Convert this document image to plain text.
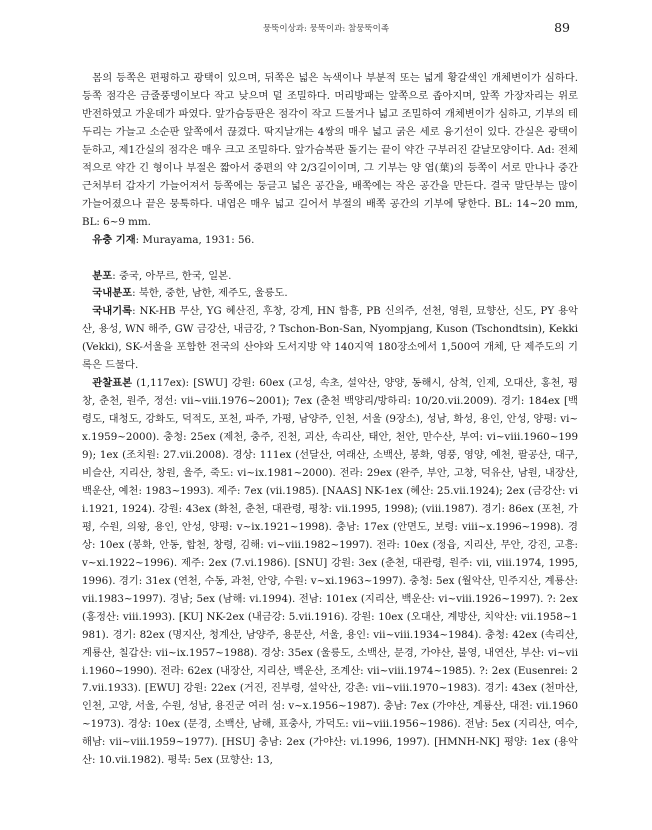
뭉뚝이상과: 뭉뚝이과: 참뭉뚝이족	89

몸의 등쪽은 편평하고 광택이 있으며, 뒤쪽은 넓은 녹색이나 부분적 또는 넓게 황갈색인 개체변이가 심하다. 등쪽 점각은 금줄풍뎅이보다 작고 낮으며 덜 조밀하다. 머리방패는 앞쪽으로 좁아지며, 앞쪽 가장자리는 위로 반전하였고 가운데가 파였다. 앞가슴등판은 점각이 작고 드물거나 넓고 조밀하여 개체변이가 심하고, 기부의 테두리는 가늘고 소순판 앞쪽에서 끊겼다. 딱지날개는 4쌍의 매우 넓고 굵은 세로 융기선이 있다. 간실은 광택이 둔하고, 제1간실의 점각은 매우 크고 조밀하다. 앞가슴복판 돌기는 끝이 약간 구부러진 갈날모양이다. Ad: 전체적으로 약간 긴 형이나 부절은 짧아서 중편의 약 2/3길이이며, 그 기부는 양 엽(葉)의 등쪽이 서로 만나나 중간 근처부터 갑자기 가늘어져서 등쪽에는 둥글고 넓은 공간을, 배쪽에는 작은 공간을 만든다. 결국 말단부는 많이 가늘어졌으나 끝은 뭉툭하다. 내엽은 매우 넓고 길어서 부절의 배쪽 공간의 기부에 닿한다. BL: 14~20 mm, BL: 6~9 mm.

유충 기재: Murayama, 1931: 56.

분포: 중국, 아무르, 한국, 일본.

국내분포: 북한, 중한, 남한, 제주도, 울릉도.

국내기록: NK-HB 무산, YG 혜산진, 후창, 강계, HN 함흥, PB 신의주, 선천, 영원, 묘향산, 신도, PY 용악산, 용성, WN 해주, GW 금강산, 내금강, ? Tschon-Bon-San, Nyompjang, Kuson (Tschondtsin), Kekki (Vekki), SK-서울을 포함한 전국의 산야와 도서지방 약 140지역 180장소에서 1,500여 개체, 단 제주도의 기록은 드물다.

관찰표본 (1,117ex): [SWU] 강원: 60ex (고성, 속초, 설악산, 양양, 동해시, 삼척, 인제, 오대산, 홍천, 평창, 춘천, 원주, 정선: vii~viii.1976~2001); 7ex (춘천 백양리/방하리: 10/20.vii.2009). 경기: 184ex [백령도, 대청도, 강화도, 덕적도, 포천, 파주, 가평, 남양주, 인천, 서울 (9장소), 성남, 화성, 용인, 안성, 양평: vi~x.1959~2000). 충청: 25ex (제천, 충주, 진천, 괴산, 속리산, 태안, 천안, 만수산, 부여: vi~viii.1960~1999); 1ex (조치원: 27.vii.2008). 경상: 111ex (선달산, 여래산, 소백산, 봉화, 영풍, 영양, 예천, 팔공산, 대구, 비슬산, 지리산, 창원, 울주, 죽도: vi~ix.1981~2000). 전라: 29ex (완주, 부안, 고창, 덕유산, 남원, 내장산, 백운산, 예천: 1983~1993). 제주: 7ex (vii.1985). [NAAS] NK-1ex (혜산: 25.vii.1924); 2ex (금강산: vii.1921, 1924). 강원: 43ex (화천, 춘천, 대관령, 평창: vii.1995, 1998); (viii.1987). 경기: 86ex (포천, 가평, 수원, 의왕, 용인, 안성, 양평: v~ix.1921~1998). 충남: 17ex (안면도, 보령: viii~x.1996~1998). 경상: 10ex (봉화, 안동, 합천, 창령, 김해: vi~viii.1982~1997). 전라: 10ex (정읍, 지리산, 무안, 강진, 고흥: v~xi.1922~1996). 제주: 2ex (7.vi.1986). [SNU] 강원: 3ex (춘천, 대관령, 원주: vii, viii.1974, 1995, 1996). 경기: 31ex (연천, 수동, 과천, 안양, 수원: v~xi.1963~1997). 충청: 5ex (월악산, 민주지산, 계룡산: vii.1983~1997). 경남; 5ex (남해: vi.1994). 전남: 101ex (지리산, 백운산: vi~viii.1926~1997). ?: 2ex (홍정산: viii.1993). [KU] NK-2ex (내금강: 5.vii.1916). 강원: 10ex (오대산, 계방산, 치악산: vii.1958~1981). 경기: 82ex (명지산, 청계산, 남양주, 용문산, 서울, 용인: vii~viii.1934~1984). 충청: 42ex (속리산, 계룡산, 칠갑산: vii~ix.1957~1988). 경상: 35ex (울릉도, 소백산, 문경, 가야산, 불영, 내연산, 부산: vi~viii.1960~1990). 전라: 62ex (내장산, 지리산, 백운산, 조계산: vii~viii.1974~1985). ?: 2ex (Eusenrei: 27.vii.1933). [EWU] 강원: 22ex (거진, 진부령, 설악산, 강촌: vii~viii.1970~1983). 경기: 43ex (천마산, 인천, 고양, 서울, 수원, 성남, 용진군 여러 섬: v~x.1956~1987). 충남: 7ex (가야산, 계룡산, 대전: vii.1960~1973). 경상: 10ex (문경, 소백산, 남해, 표충사, 가덕도: vii~viii.1956~1986). 전남: 5ex (지리산, 여수, 해남: vii~viii.1959~1977). [HSU] 충남: 2ex (가야산: vi.1996, 1997). [HMNH-NK] 평양: 1ex (용악산: 10.vii.1982). 평북: 5ex (묘향산: 13,
